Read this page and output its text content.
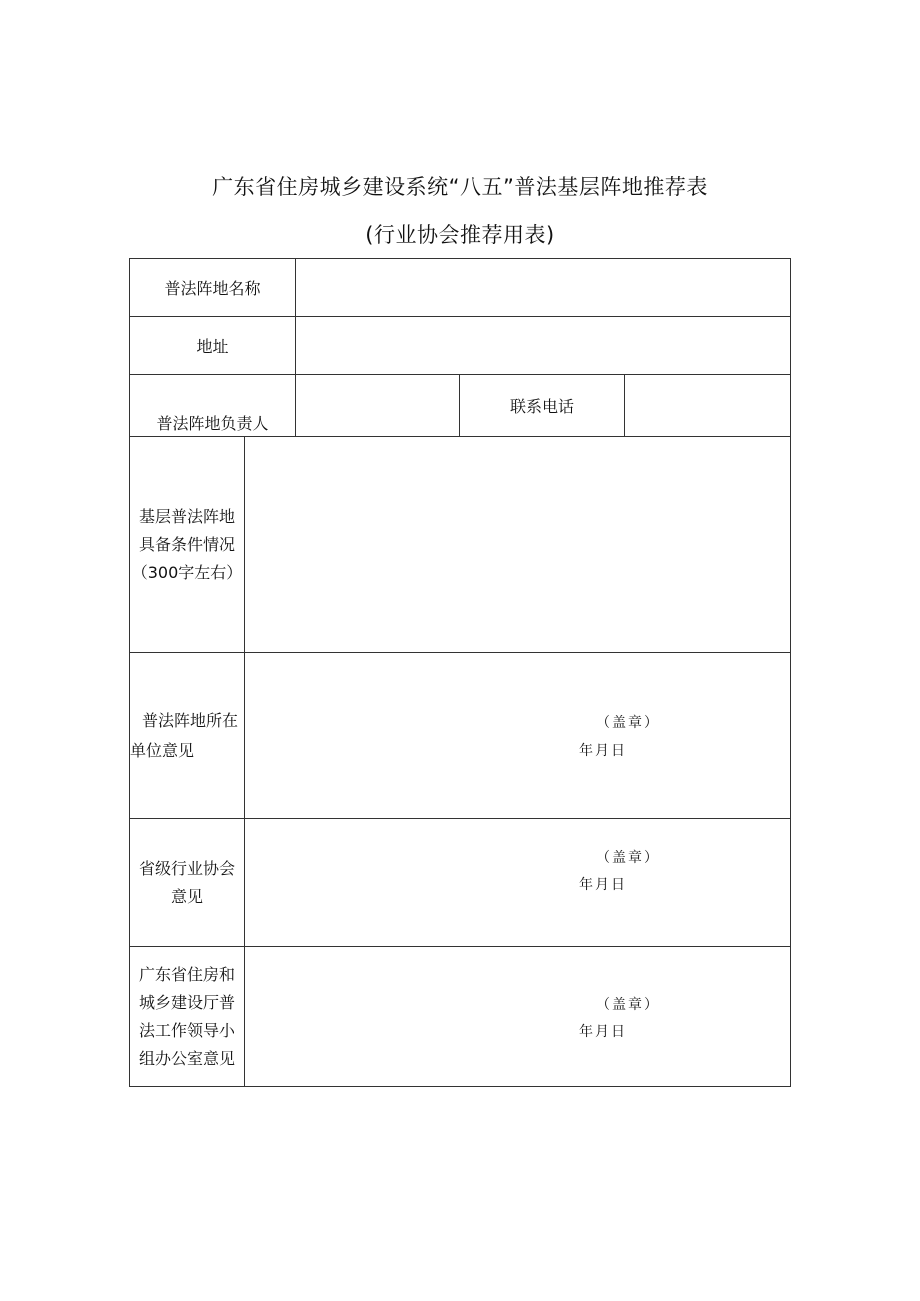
广东省住房城乡建设系统“八五”普法基层阵地推荐表
(行业协会推荐用表)
普法阵地名称				
地址				
普法阵地负责人			联系电话	

基层普法阵地
具备条件情况
（300字左右）				

普法阵地所在
单位意见	（盖章）
年月日			

省级行业协会
意见	（盖章）
年月日			

广东省住房和
城乡建设厅普
法工作领导小
组办公室意见	（盖章）
年月日			
